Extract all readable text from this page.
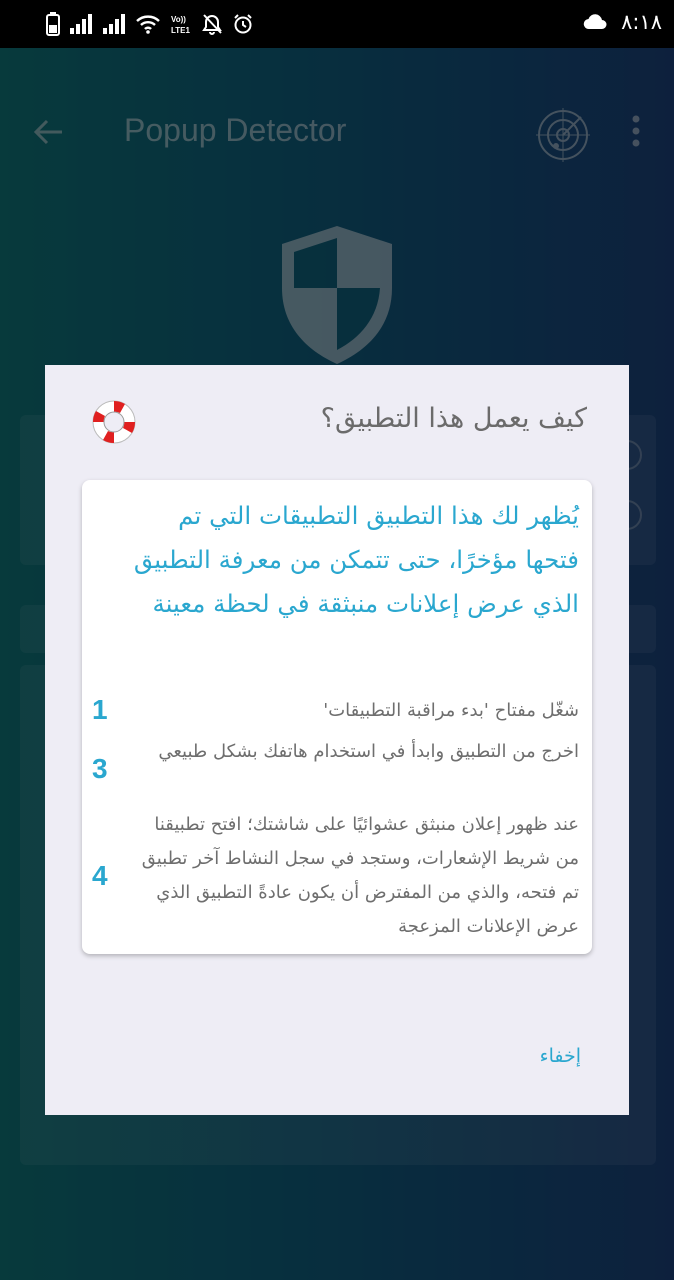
Popup Detector
Vo))
LTE1	٨:١٨
كيف يعمل هذا التطبيق؟
يُظهر لك هذا التطبيق التطبيقات التي تم فتحها مؤخرًا، حتى تتمكن من معرفة التطبيق الذي عرض إعلانات منبثقة في لحظة معينة
شغّل مفتاح 'بدء مراقبة التطبيقات'
1
اخرج من التطبيق وابدأ في استخدام هاتفك بشكل طبيعي
3
عند ظهور إعلان منبثق عشوائيًا على شاشتك؛ افتح تطبيقنا من شريط الإشعارات، وستجد في سجل النشاط آخر تطبيق تم فتحه، والذي من المفترض أن يكون عادةً التطبيق الذي عرض الإعلانات المزعجة
4
إخفاء
